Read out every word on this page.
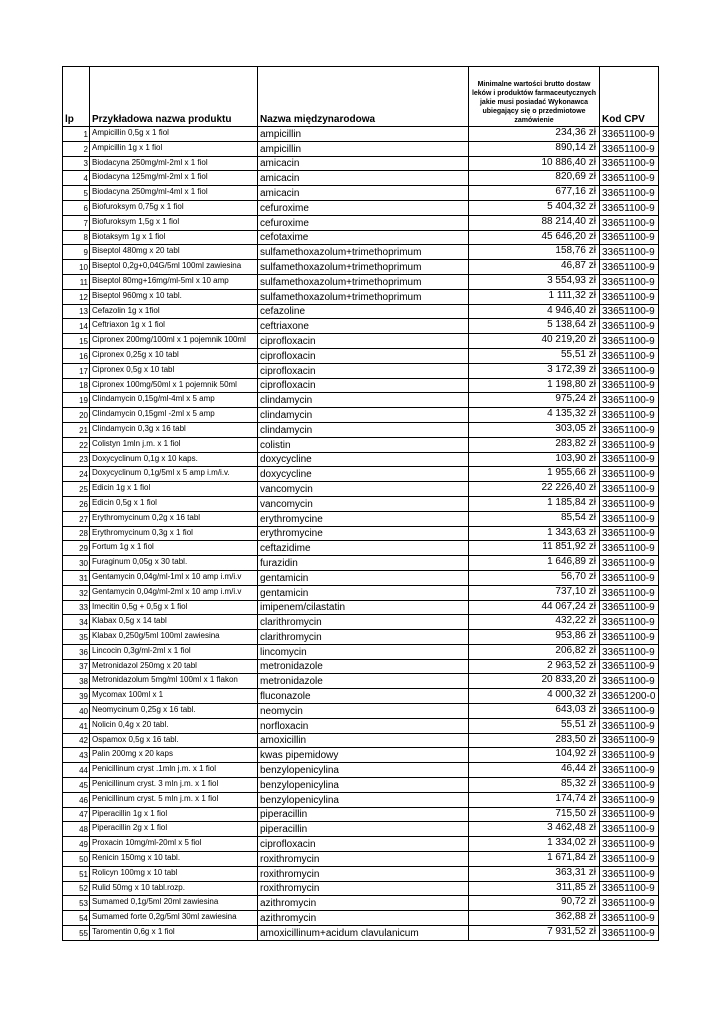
lp	Przykładowa nazwa produktu	Nazwa międzynarodowa	Minimalne wartości brutto dostaw leków i produktów farmaceutycznych jakie musi posiadać Wykonawca ubiegający się o przedmiotowe zamówienie	Kod CPV
1	Ampicillin 0,5g x 1 fiol	ampicillin	234,36 zł	33651100-9
2	Ampicillin 1g x 1 fiol	ampicillin	890,14 zł	33651100-9
3	Biodacyna 250mg/ml-2ml x 1 fiol	amicacin	10 886,40 zł	33651100-9
4	Biodacyna 125mg/ml-2ml x 1 fiol	amicacin	820,69 zł	33651100-9
5	Biodacyna 250mg/ml-4ml x 1 fiol	amicacin	677,16 zł	33651100-9
6	Biofuroksym 0,75g x 1 fiol	cefuroxime	5 404,32 zł	33651100-9
7	Biofuroksym 1,5g x 1 fiol	cefuroxime	88 214,40 zł	33651100-9
8	Biotaksym 1g x 1 fiol	cefotaxime	45 646,20 zł	33651100-9
9	Biseptol 480mg x 20 tabl	sulfamethoxazolum+trimethoprimum	158,76 zł	33651100-9
10	Biseptol 0,2g+0,04G/5ml 100ml zawiesina	sulfamethoxazolum+trimethoprimum	46,87 zł	33651100-9
11	Biseptol 80mg+16mg/ml-5ml x 10 amp	sulfamethoxazolum+trimethoprimum	3 554,93 zł	33651100-9
12	Biseptol 960mg x 10 tabl.	sulfamethoxazolum+trimethoprimum	1 111,32 zł	33651100-9
13	Cefazolin 1g x 1fiol	cefazoline	4 946,40 zł	33651100-9
14	Ceftriaxon 1g x 1 fiol	ceftriaxone	5 138,64 zł	33651100-9
15	Cipronex 200mg/100ml x 1 pojemnik 100ml	ciprofloxacin	40 219,20 zł	33651100-9
16	Cipronex 0,25g x 10 tabl	ciprofloxacin	55,51 zł	33651100-9
17	Cipronex 0,5g x 10 tabl	ciprofloxacin	3 172,39 zł	33651100-9
18	Cipronex 100mg/50ml x 1 pojemnik 50ml	ciprofloxacin	1 198,80 zł	33651100-9
19	Clindamycin 0,15g/ml-4ml x 5 amp	clindamycin	975,24 zł	33651100-9
20	Clindamycin 0,15gml -2ml x 5 amp	clindamycin	4 135,32 zł	33651100-9
21	Clindamycin 0,3g x 16 tabl	clindamycin	303,05 zł	33651100-9
22	Colistyn 1mln j.m. x 1 fiol	colistin	283,82 zł	33651100-9
23	Doxycyclinum 0,1g x 10 kaps.	doxycycline	103,90 zł	33651100-9
24	Doxycyclinum 0,1g/5ml x 5 amp i.m/i.v.	doxycycline	1 955,66 zł	33651100-9
25	Edicin 1g x 1 fiol	vancomycin	22 226,40 zł	33651100-9
26	Edicin 0,5g x 1 fiol	vancomycin	1 185,84 zł	33651100-9
27	Erythromycinum 0,2g x 16 tabl	erythromycine	85,54 zł	33651100-9
28	Erythromycinum 0,3g x 1 fiol	erythromycine	1 343,63 zł	33651100-9
29	Fortum 1g x 1 fiol	ceftazidime	11 851,92 zł	33651100-9
30	Furaginum 0,05g x 30 tabl.	furazidin	1 646,89 zł	33651100-9
31	Gentamycin 0,04g/ml-1ml x 10 amp i.m/i.v	gentamicin	56,70 zł	33651100-9
32	Gentamycin 0,04g/ml-2ml x 10 amp i.m/i.v	gentamicin	737,10 zł	33651100-9
33	Imecitin 0,5g + 0,5g x 1 fiol	imipenem/cilastatin	44 067,24 zł	33651100-9
34	Klabax 0,5g x 14 tabl	clarithromycin	432,22 zł	33651100-9
35	Klabax 0,250g/5ml 100ml zawiesina	clarithromycin	953,86 zł	33651100-9
36	Lincocin 0,3g/ml-2ml x 1 fiol	lincomycin	206,82 zł	33651100-9
37	Metronidazol 250mg x 20 tabl	metronidazole	2 963,52 zł	33651100-9
38	Metronidazolum 5mg/ml 100ml x 1 flakon	metronidazole	20 833,20 zł	33651100-9
39	Mycomax 100ml x 1	fluconazole	4 000,32 zł	33651200-0
40	Neomycinum 0,25g x 16 tabl.	neomycin	643,03 zł	33651100-9
41	Nolicin 0,4g x 20 tabl.	norfloxacin	55,51 zł	33651100-9
42	Ospamox 0,5g x 16 tabl.	amoxicillin	283,50 zł	33651100-9
43	Palin 200mg x 20 kaps	kwas pipemidowy	104,92 zł	33651100-9
44	Penicillinum cryst .1mln j.m. x 1 fiol	benzylopenicylina	46,44 zł	33651100-9
45	Penicillinum cryst. 3 mln j.m. x 1 fiol	benzylopenicylina	85,32 zł	33651100-9
46	Penicillinum cryst. 5 mln j.m. x 1 fiol	benzylopenicylina	174,74 zł	33651100-9
47	Piperacillin 1g x 1 fiol	piperacillin	715,50 zł	33651100-9
48	Piperacillin 2g x 1 fiol	piperacillin	3 462,48 zł	33651100-9
49	Proxacin 10mg/ml-20ml x 5 fiol	ciprofloxacin	1 334,02 zł	33651100-9
50	Renicin 150mg x 10 tabl.	roxithromycin	1 671,84 zł	33651100-9
51	Rolicyn 100mg x 10 tabl	roxithromycin	363,31 zł	33651100-9
52	Rulid 50mg x 10 tabl.rozp.	roxithromycin	311,85 zł	33651100-9
53	Sumamed 0,1g/5ml 20ml zawiesina	azithromycin	90,72 zł	33651100-9
54	Sumamed forte 0,2g/5ml 30ml zawiesina	azithromycin	362,88 zł	33651100-9
55	Taromentin 0,6g x 1 fiol	amoxicillinum+acidum clavulanicum	7 931,52 zł	33651100-9
